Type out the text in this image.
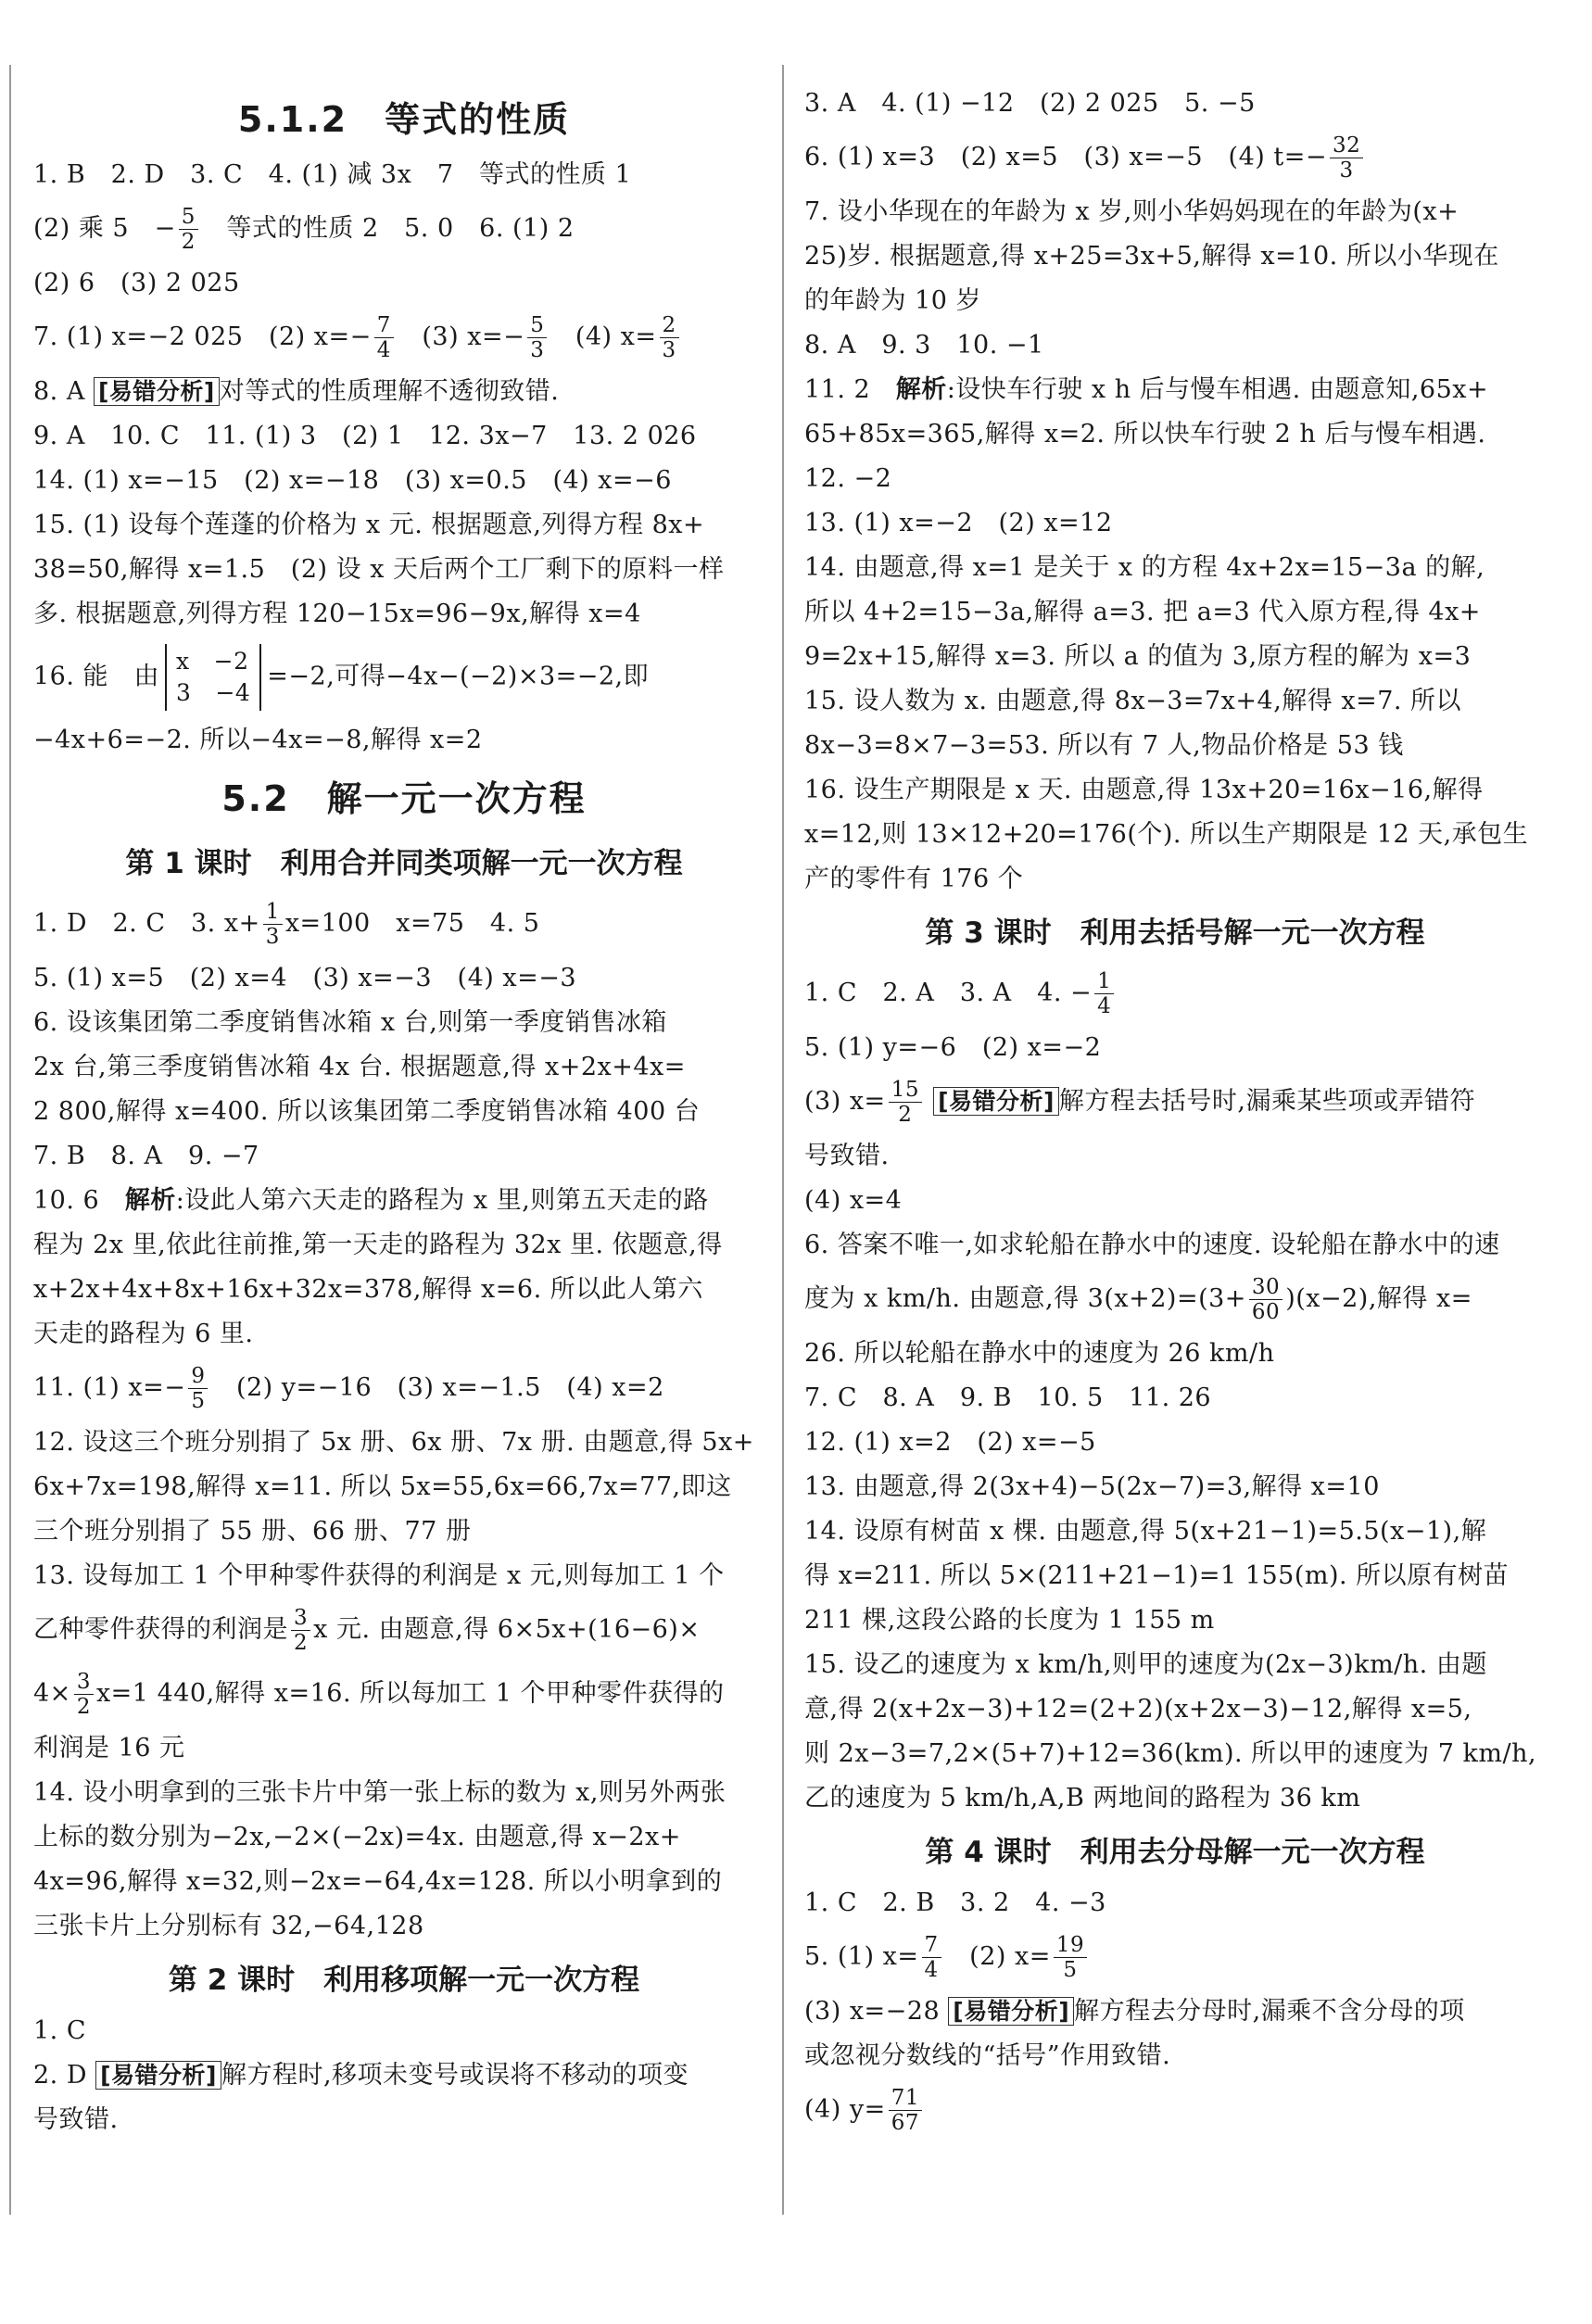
5.1.2　等式的性质
1. B　2. D　3. C　4. (1) 减 3x　7　等式的性质 1
(2) 乘 5　− $\frac{5}{2}$ 　等式的性质 2　5. 0　6. (1) 2
(2) 6　(3) 2 025
7. (1) x=−2 025　(2) $x=- \frac{7}{4}$ 　(3) $x=- \frac{5}{3}$ 　(4) $x= \frac{2}{3}$
8. A [易错分析] 对等式的性质理解不透彻致错.
9. A　10. C　11. (1) 3　(2) 1　12. 3x−7　13. 2 026
14. (1) x=−15　(2) x=−18　(3) x=0.5　(4) x=−6
15. (1) 设每个莲蓬的价格为 x 元. 根据题意,列得方程 8x+
38=50,解得 x=1.5　(2) 设 x 天后两个工厂剩下的原料一样
多. 根据题意,列得方程 120−15x=96−9x,解得 x=4
16. 能　由
x −2
3 −4
=−2,可得−4x−(−2)×3=−2,即
−4x+6=−2. 所以−4x=−8,解得 x=2
5.2　解一元一次方程
第 1 课时　利用合并同类项解一元一次方程
1. D　2. C　3. $x+ \frac{1}{3} x=100$　x=75　4. 5
5. (1) x=5　(2) x=4　(3) x=−3　(4) x=−3
6. 设该集团第二季度销售冰箱 x 台,则第一季度销售冰箱
2x 台,第三季度销售冰箱 4x 台. 根据题意,得 x+2x+4x=
2 800,解得 x=400. 所以该集团第二季度销售冰箱 400 台
7. B　8. A　9. −7
10. 6　 解析:设此人第六天走的路程为 x 里,则第五天走的路
程为 2x 里,依此往前推,第一天走的路程为 32x 里. 依题意,得
x+2x+4x+8x+16x+32x=378,解得 x=6. 所以此人第六
天走的路程为 6 里.
11. (1) $x=- \frac{9}{5}$ 　(2) y=−16　(3) x=−1.5　(4) x=2
12. 设这三个班分别捐了 5x 册、6x 册、7x 册. 由题意,得 5x+
6x+7x=198,解得 x=11. 所以 5x=55,6x=66,7x=77,即这
三个班分别捐了 55 册、66 册、77 册
13. 设每加工 1 个甲种零件获得的利润是 x 元,则每加工 1 个
乙种零件获得的利润是 $\frac{3}{2}$ x 元. 由题意,得 6×5x+(16−6)×
$4\times \frac{3}{2} x=1$ 440,解得 x=16. 所以每加工 1 个甲种零件获得的
利润是 16 元
14. 设小明拿到的三张卡片中第一张上标的数为 x,则另外两张
上标的数分别为−2x,−2×(−2x)=4x. 由题意,得 x−2x+
4x=96,解得 x=32,则−2x=−64,4x=128. 所以小明拿到的
三张卡片上分别标有 32,−64,128
第 2 课时　利用移项解一元一次方程
1. C
2. D [易错分析] 解方程时,移项未变号或误将不移动的项变
号致错.
3. A　4. (1) −12　(2) 2 025　5. −5
6. (1) x=3　(2) x=5　(3) x=−5　(4) $t=- \frac{32}{3}$
7. 设小华现在的年龄为 x 岁,则小华妈妈现在的年龄为(x+
25)岁. 根据题意,得 x+25=3x+5,解得 x=10. 所以小华现在
的年龄为 10 岁
8. A　9. 3　10. −1
11. 2　 解析:设快车行驶 x h 后与慢车相遇. 由题意知,65x+
65+85x=365,解得 x=2. 所以快车行驶 2 h 后与慢车相遇.
12. −2
13. (1) x=−2　(2) x=12
14. 由题意,得 x=1 是关于 x 的方程 4x+2x=15−3a 的解,
所以 4+2=15−3a,解得 a=3. 把 a=3 代入原方程,得 4x+
9=2x+15,解得 x=3. 所以 a 的值为 3,原方程的解为 x=3
15. 设人数为 x. 由题意,得 8x−3=7x+4,解得 x=7. 所以
8x−3=8×7−3=53. 所以有 7 人,物品价格是 53 钱
16. 设生产期限是 x 天. 由题意,得 13x+20=16x−16,解得
x=12,则 13×12+20=176(个). 所以生产期限是 12 天,承包生
产的零件有 176 个
第 3 课时　利用去括号解一元一次方程
1. C　2. A　3. A　4. − $\frac{1}{4}$
5. (1) y=−6　(2) x=−2
(3) $x= \frac{15}{2}$ [易错分析] 解方程去括号时,漏乘某些项或弄错符
号致错.
(4) x=4
6. 答案不唯一,如求轮船在静水中的速度. 设轮船在静水中的速
度为 x km/h. 由题意,得 $3(x+2)=(3+ \frac{30}{60} )(x-2)$,解得 x=
26. 所以轮船在静水中的速度为 26 km/h
7. C　8. A　9. B　10. 5　11. 26
12. (1) x=2　(2) x=−5
13. 由题意,得 2(3x+4)−5(2x−7)=3,解得 x=10
14. 设原有树苗 x 棵. 由题意,得 5(x+21−1)=5.5(x−1),解
得 x=211. 所以 5×(211+21−1)=1 155(m). 所以原有树苗
211 棵,这段公路的长度为 1 155 m
15. 设乙的速度为 x km/h,则甲的速度为(2x−3)km/h. 由题
意,得 2(x+2x−3)+12=(2+2)(x+2x−3)−12,解得 x=5,
则 2x−3=7,2×(5+7)+12=36(km). 所以甲的速度为 7 km/h,
乙的速度为 5 km/h,A,B 两地间的路程为 36 km
第 4 课时　利用去分母解一元一次方程
1. C　2. B　3. 2　4. −3
5. (1) $x= \frac{7}{4}$ 　(2) $x= \frac{19}{5}$
(3) x=−28 [易错分析] 解方程去分母时,漏乘不含分母的项
或忽视分数线的“括号”作用致错.
(4) $y= \frac{71}{67}$
